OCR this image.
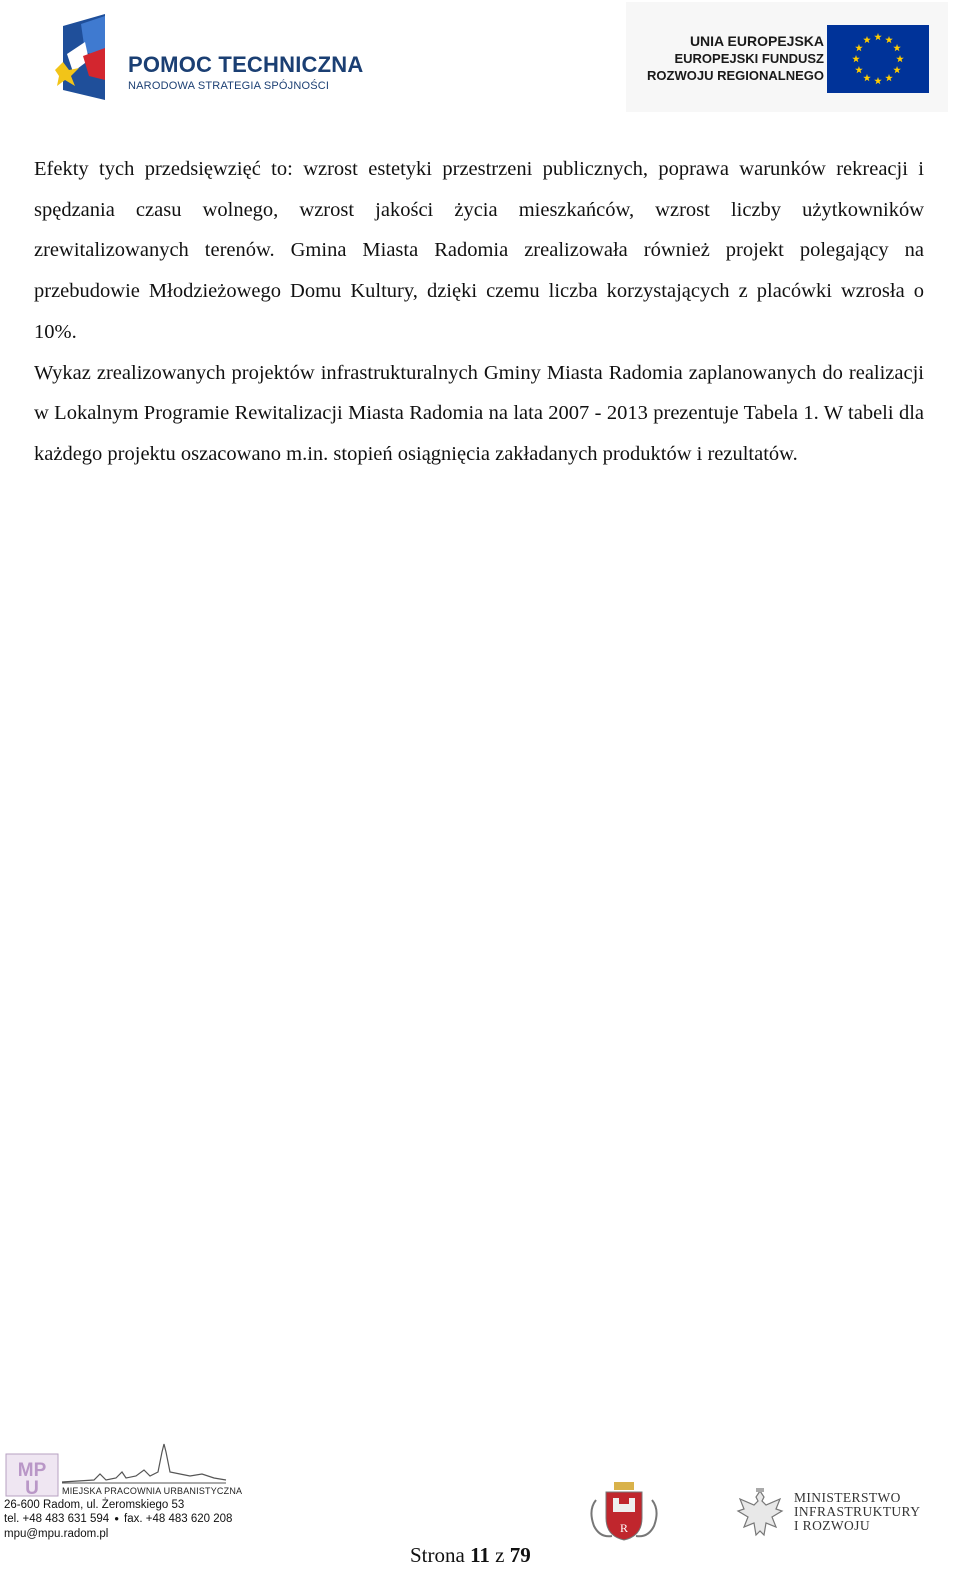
POMOC TECHNICZNA
NARODOWA STRATEGIA SPÓJNOŚCI
UNIA EUROPEJSKA
EUROPEJSKI FUNDUSZ
ROZWOJU REGIONALNEGO

Efekty tych przedsięwzięć to: wzrost estetyki przestrzeni publicznych, poprawa warunków rekreacji i spędzania czasu wolnego, wzrost jakości życia mieszkańców, wzrost liczby użytkowników zrewitalizowanych terenów. Gmina Miasta Radomia zrealizowała również projekt polegający na przebudowie Młodzieżowego Domu Kultury, dzięki czemu liczba korzystających z placówki wzrosła o 10%.

Wykaz zrealizowanych projektów infrastrukturalnych Gminy Miasta Radomia zaplanowanych do realizacji w Lokalnym Programie Rewitalizacji Miasta Radomia na lata 2007 - 2013 prezentuje Tabela 1. W tabeli dla każdego projektu oszacowano m.in. stopień osiągnięcia zakładanych produktów i rezultatów.

MP
U	MIEJSKA PRACOWNIA URBANISTYCZNA
26-600 Radom, ul. Żeromskiego 53
tel. +48 483 631 594 ● fax. +48 483 620 208
mpu@mpu.radom.pl
Strona 11 z 79
R
MINISTERSTWO
INFRASTRUKTURY
I ROZWOJU
